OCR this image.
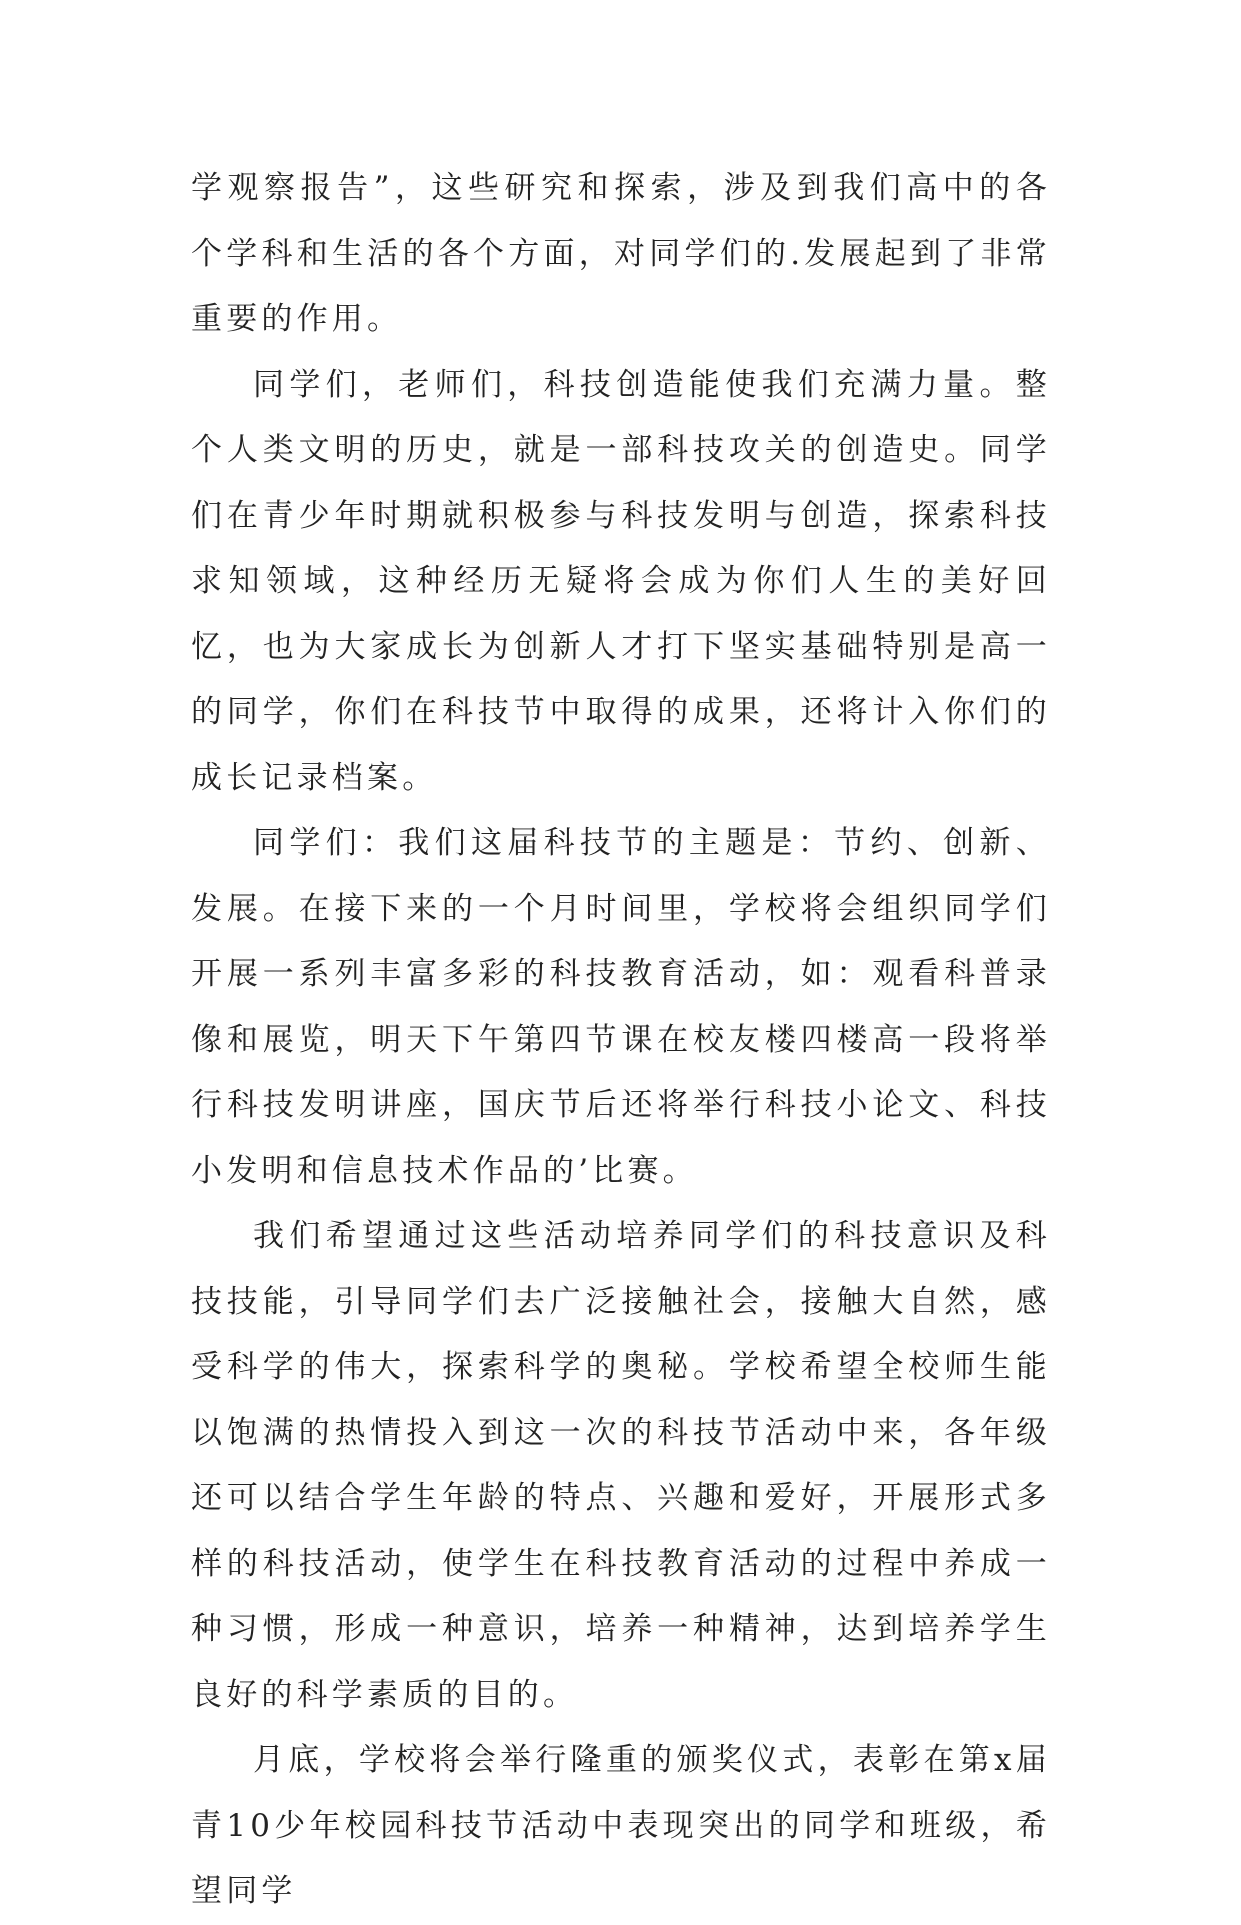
学观察报告”，这些研究和探索，涉及到我们高中的各个学科和生活的各个方面，对同学们的.发展起到了非常重要的作用。

同学们，老师们，科技创造能使我们充满力量。整个人类文明的历史，就是一部科技攻关的创造史。同学们在青少年时期就积极参与科技发明与创造，探索科技求知领域，这种经历无疑将会成为你们人生的美好回忆，也为大家成长为创新人才打下坚实基础特别是高一的同学，你们在科技节中取得的成果，还将计入你们的成长记录档案。

同学们：我们这届科技节的主题是：节约、创新、发展。在接下来的一个月时间里，学校将会组织同学们开展一系列丰富多彩的科技教育活动，如：观看科普录像和展览，明天下午第四节课在校友楼四楼高一段将举行科技发明讲座，国庆节后还将举行科技小论文、科技小发明和信息技术作品的’比赛。

我们希望通过这些活动培养同学们的科技意识及科技技能，引导同学们去广泛接触社会，接触大自然，感受科学的伟大，探索科学的奥秘。学校希望全校师生能以饱满的热情投入到这一次的科技节活动中来，各年级还可以结合学生年龄的特点、兴趣和爱好，开展形式多样的科技活动，使学生在科技教育活动的过程中养成一种习惯，形成一种意识，培养一种精神，达到培养学生良好的科学素质的目的。

月底，学校将会举行隆重的颁奖仪式，表彰在第x届青10少年校园科技节活动中表现突出的同学和班级，希望同学
